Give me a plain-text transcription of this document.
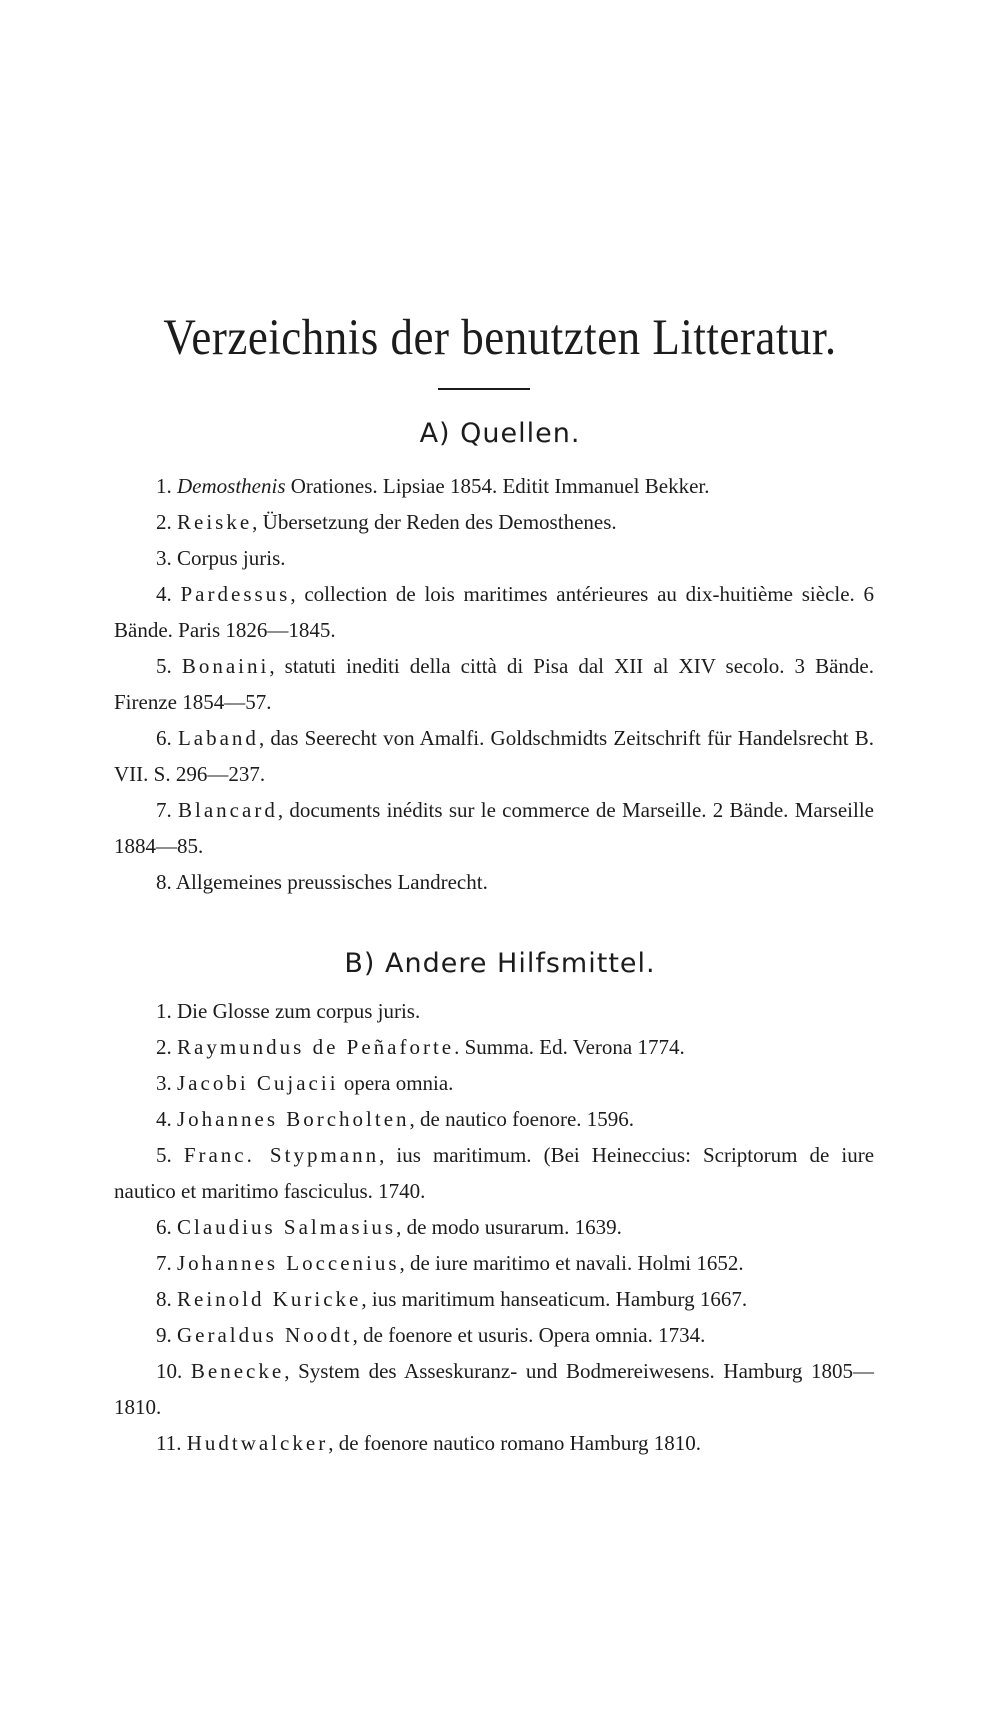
Verzeichnis der benutzten Litteratur.
A) Quellen.

1. Demosthenis Orationes. Lipsiae 1854. Editit Immanuel Bekker.

2. Reiske, Übersetzung der Reden des Demosthenes.

3. Corpus juris.

4. Pardessus, collection de lois maritimes antérieures au dix-huitième siècle. 6 Bände. Paris 1826—1845.

5. Bonaini, statuti inediti della città di Pisa dal XII al XIV secolo. 3 Bände. Firenze 1854—57.

6. Laband, das Seerecht von Amalfi. Goldschmidts Zeitschrift für Handelsrecht B. VII. S. 296—237.

7. Blancard, documents inédits sur le commerce de Marseille. 2 Bände. Marseille 1884—85.

8. Allgemeines preussisches Landrecht.

B) Andere Hilfsmittel.

1. Die Glosse zum corpus juris.

2. Raymundus de Peñaforte. Summa. Ed. Verona 1774.

3. Jacobi Cujacii opera omnia.

4. Johannes Borcholten, de nautico foenore. 1596.

5. Franc. Stypmann, ius maritimum. (Bei Heineccius: Scriptorum de iure nautico et maritimo fasciculus. 1740.

6. Claudius Salmasius, de modo usurarum. 1639.

7. Johannes Loccenius, de iure maritimo et navali. Holmi 1652.

8. Reinold Kuricke, ius maritimum hanseaticum. Hamburg 1667.

9. Geraldus Noodt, de foenore et usuris. Opera omnia. 1734.

10. Benecke, System des Asseskuranz- und Bodmereiwesens. Hamburg 1805—1810.

11. Hudtwalcker, de foenore nautico romano Hamburg 1810.
